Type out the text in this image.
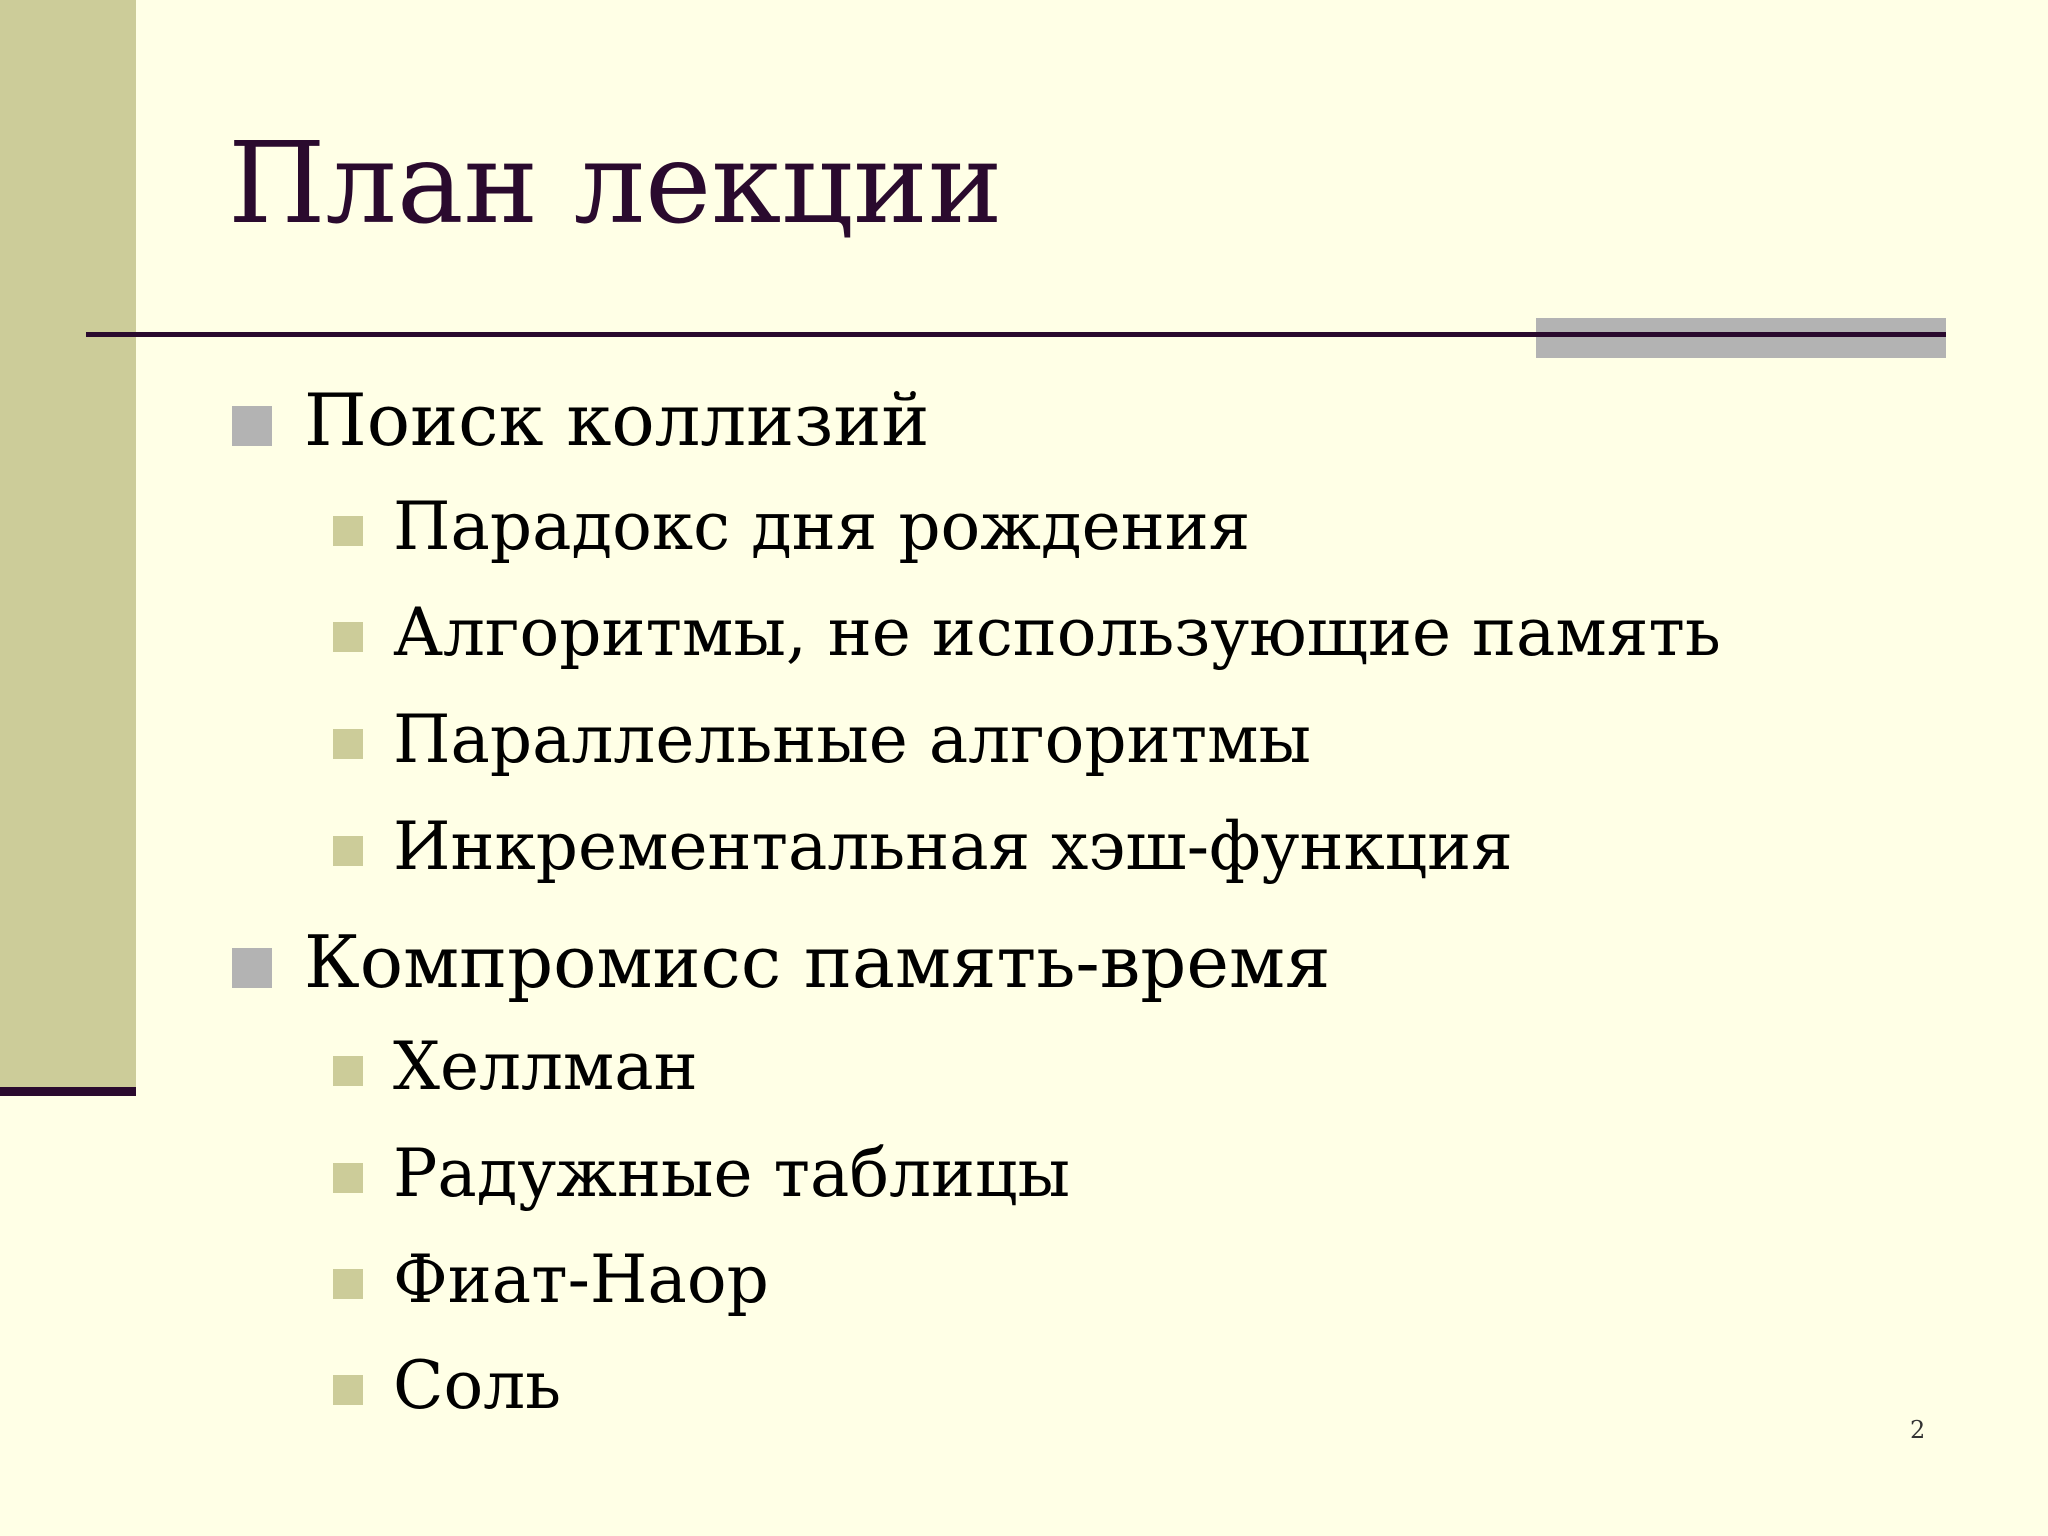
План лекции
Поиск коллизий
Парадокс дня рождения
Алгоритмы, не использующие память
Параллельные алгоритмы
Инкрементальная хэш-функция
Компромисс память-время
Хеллман
Радужные таблицы
Фиат-Наор
Соль
2
